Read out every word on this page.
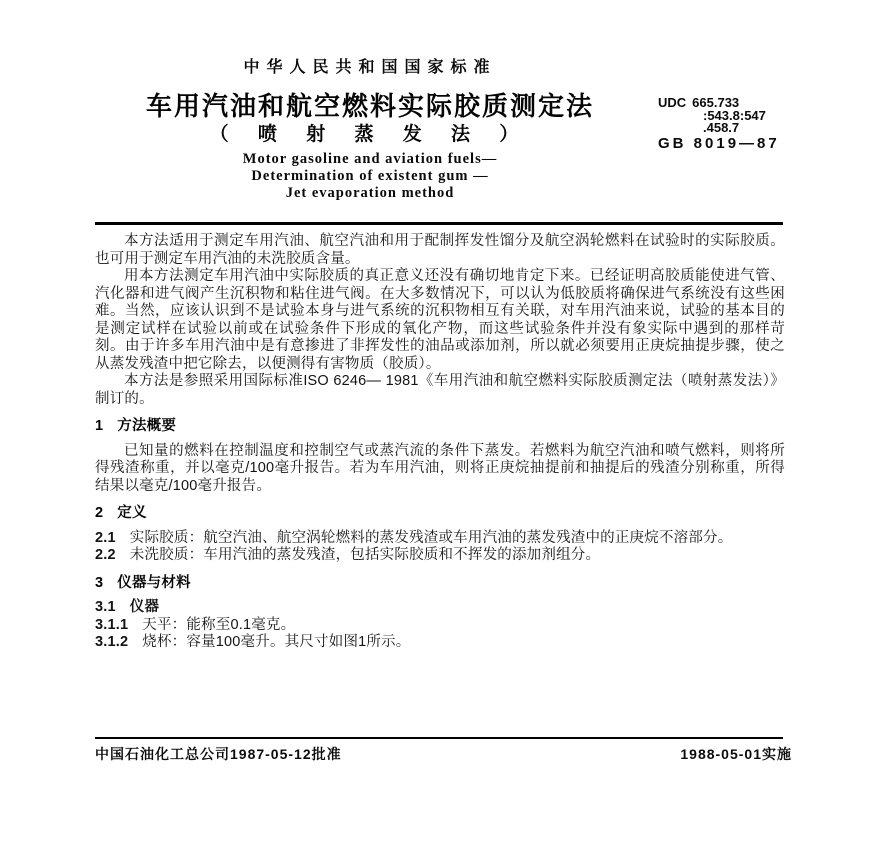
中华人民共和国国家标准
车用汽油和航空燃料实际胶质测定法
（ 喷 射 蒸 发 法 ）
UDC 665.733
:543.8:547
.458.7
GB 8019—87
Motor gasoline and aviation fuels—
Determination of existent gum —
Jet evaporation method

本方法适用于测定车用汽油、航空汽油和用于配制挥发性馏分及航空涡轮燃料在试验时的实际胶质。也可用于测定车用汽油的未洗胶质含量。

用本方法测定车用汽油中实际胶质的真正意义还没有确切地肯定下来。已经证明高胶质能使进气管、汽化器和进气阀产生沉积物和粘住进气阀。在大多数情况下，可以认为低胶质将确保进气系统没有这些困难。当然，应该认识到不是试验本身与进气系统的沉积物相互有关联，对车用汽油来说，试验的基本目的是测定试样在试验以前或在试验条件下形成的氧化产物，而这些试验条件并没有象实际中遇到的那样苛刻。由于许多车用汽油中是有意掺进了非挥发性的油品或添加剂，所以就必须要用正庚烷抽提步骤，使之从蒸发残渣中把它除去，以便测得有害物质（胶质）。

本方法是参照采用国际标准ISO 6246— 1981《车用汽油和航空燃料实际胶质测定法（喷射蒸发法）》制订的。

1 方法概要

已知量的燃料在控制温度和控制空气或蒸汽流的条件下蒸发。若燃料为航空汽油和喷气燃料，则将所得残渣称重，并以毫克/100毫升报告。若为车用汽油，则将正庚烷抽提前和抽提后的残渣分别称重，所得结果以毫克/100毫升报告。

2 定义

2.1 实际胶质：航空汽油、航空涡轮燃料的蒸发残渣或车用汽油的蒸发残渣中的正庚烷不溶部分。

2.2 未洗胶质：车用汽油的蒸发残渣，包括实际胶质和不挥发的添加剂组分。

3 仪器与材料

3.1 仪器

3.1.1 天平：能称至0.1毫克。

3.1.2 烧杯：容量100毫升。其尺寸如图1所示。

中国石油化工总公司1987-05-12批准	1988-05-01实施
